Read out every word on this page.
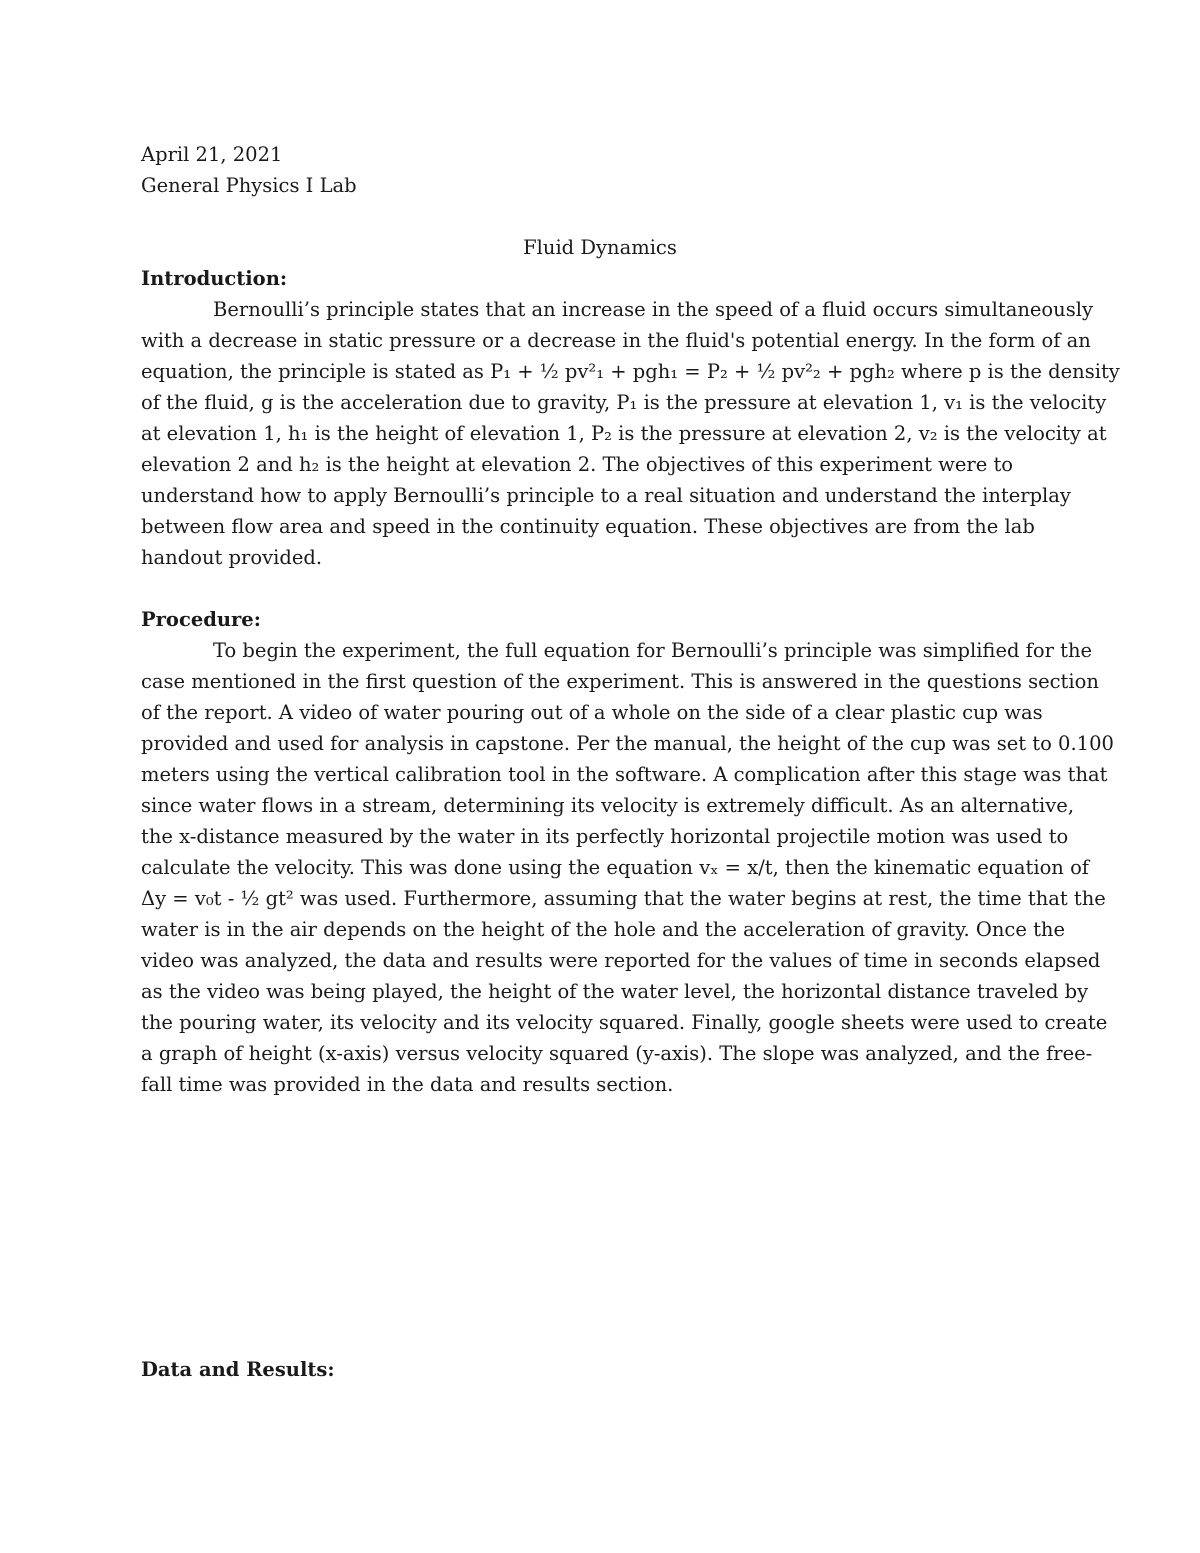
April 21, 2021
General Physics I Lab
Fluid Dynamics
Introduction:
Bernoulli’s principle states that an increase in the speed of a fluid occurs simultaneously
with a decrease in static pressure or a decrease in the fluid's potential energy. In the form of an
equation, the principle is stated as P₁ + ½ pv²₁ + pgh₁ = P₂ + ½ pv²₂ + pgh₂ where p is the density
of the fluid, g is the acceleration due to gravity, P₁ is the pressure at elevation 1, v₁ is the velocity
at elevation 1, h₁ is the height of elevation 1, P₂ is the pressure at elevation 2, v₂ is the velocity at
elevation 2 and h₂ is the height at elevation 2. The objectives of this experiment were to
understand how to apply Bernoulli’s principle to a real situation and understand the interplay
between flow area and speed in the continuity equation. These objectives are from the lab
handout provided.
Procedure:
To begin the experiment, the full equation for Bernoulli’s principle was simplified for the
case mentioned in the first question of the experiment. This is answered in the questions section
of the report. A video of water pouring out of a whole on the side of a clear plastic cup was
provided and used for analysis in capstone. Per the manual, the height of the cup was set to 0.100
meters using the vertical calibration tool in the software. A complication after this stage was that
since water flows in a stream, determining its velocity is extremely difficult. As an alternative,
the x-distance measured by the water in its perfectly horizontal projectile motion was used to
calculate the velocity. This was done using the equation vₓ = x/t, then the kinematic equation of
Δy = v₀t - ½ gt² was used. Furthermore, assuming that the water begins at rest, the time that the
water is in the air depends on the height of the hole and the acceleration of gravity. Once the
video was analyzed, the data and results were reported for the values of time in seconds elapsed
as the video was being played, the height of the water level, the horizontal distance traveled by
the pouring water, its velocity and its velocity squared. Finally, google sheets were used to create
a graph of height (x-axis) versus velocity squared (y-axis). The slope was analyzed, and the free-
fall time was provided in the data and results section.
Data and Results:
